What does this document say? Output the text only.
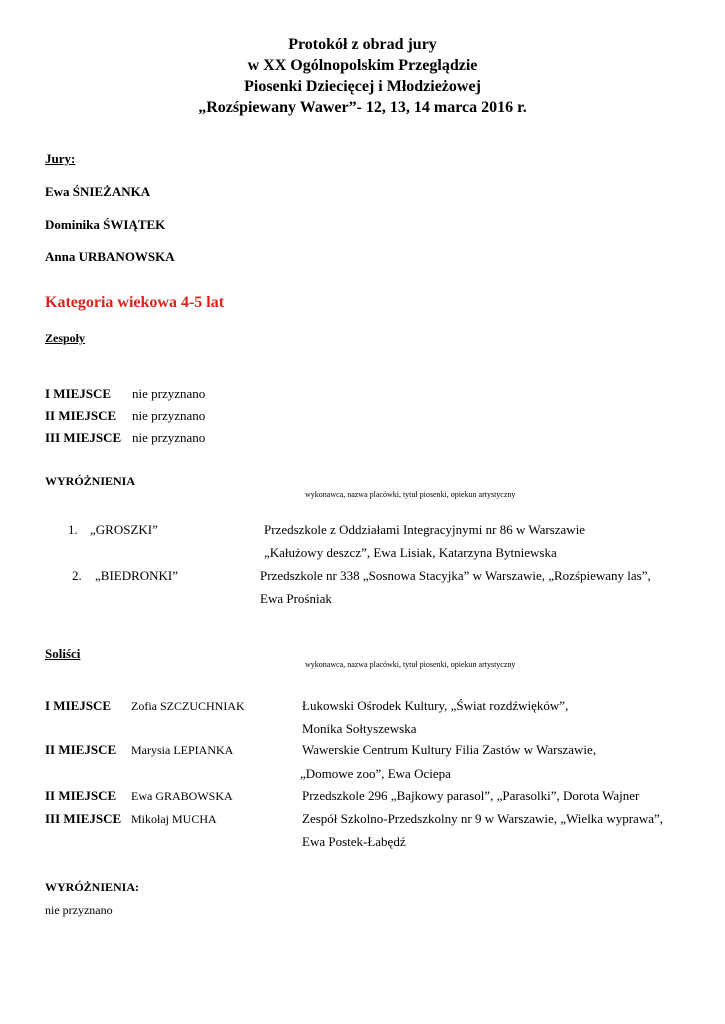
Protokół z obrad jury
w XX Ogólnopolskim Przeglądzie
Piosenki Dziecięcej i Młodzieżowej
„Rozśpiewany Wawer”- 12, 13, 14 marca 2016 r.
Jury:
Ewa ŚNIEŻANKA
Dominika ŚWIĄTEK
Anna URBANOWSKA
Kategoria wiekowa 4-5 lat
Zespoły
I MIEJSCE nie przyznano
II MIEJSCE nie przyznano
III MIEJSCE nie przyznano
WYRÓŻNIENIA
wykonawca, nazwa placówki, tytuł piosenki, opiekun artystyczny
1. „GROSZKI”	Przedszkole z Oddziałami Integracyjnymi nr 86 w Warszawie
„Kałużowy deszcz”, Ewa Lisiak, Katarzyna Bytniewska
2. „BIEDRONKI”	Przedszkole nr 338 „Sosnowa Stacyjka” w Warszawie, „Rozśpiewany las”,
Ewa Prośniak
Soliści
wykonawca, nazwa placówki, tytuł piosenki, opiekun artystyczny
I MIEJSCE Zofia SZCZUCHNIAK	Łukowski Ośrodek Kultury, „Świat rozdźwięków”,
Monika Sołtyszewska
II MIEJSCE Marysia LEPIANKA	Wawerskie Centrum Kultury Filia Zastów w Warszawie,
„Domowe zoo”, Ewa Ociepa
II MIEJSCE Ewa GRABOWSKA	Przedszkole 296 „Bajkowy parasol”, „Parasolki”, Dorota Wajner
III MIEJSCE Mikołaj MUCHA	Zespół Szkolno-Przedszkolny nr 9 w Warszawie, „Wielka wyprawa”,
Ewa Postek-Łabędź
WYRÓŻNIENIA:
nie przyznano
